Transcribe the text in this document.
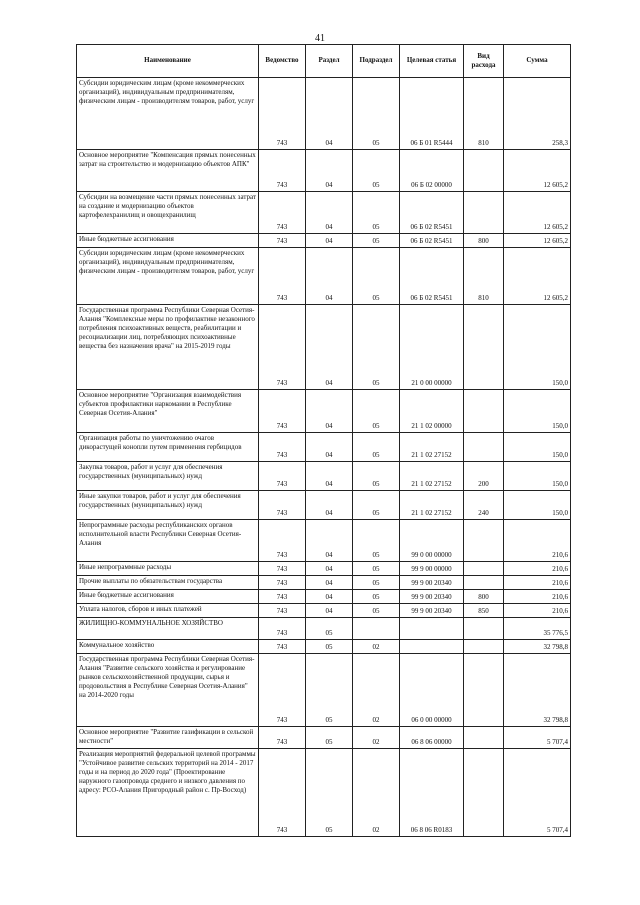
41
Наименование	Ведомство	Раздел	Подраздел	Целевая статья	Вид расхода	Сумма
Субсидии юридическим лицам (кроме некоммерческих организаций), индивидуальным предпринимателям, физическим лицам - производителям товаров, работ, услуг	743	04	05	06 Б 01 R5444	810	258,3
Основное мероприятие "Компенсация прямых понесенных затрат на строительство и модернизацию объектов АПК"	743	04	05	06 Б 02 00000		12 605,2
Субсидии на возмещение части прямых понесенных затрат на создание и модернизацию объектов картофелехранилищ и овощехранилищ	743	04	05	06 Б 02 R5451		12 605,2
Иные бюджетные ассигнования	743	04	05	06 Б 02 R5451	800	12 605,2
Субсидии юридическим лицам (кроме некоммерческих организаций), индивидуальным предпринимателям, физическим лицам - производителям товаров, работ, услуг	743	04	05	06 Б 02 R5451	810	12 605,2
Государственная программа Республики Северная Осетия-Алания "Комплексные меры по профилактике незаконного потребления психоактивных веществ, реабилитации и ресоциализации лиц, потребляющих психоактивные вещества без назначения врача" на 2015-2019 годы	743	04	05	21 0 00 00000		150,0
Основное мероприятие "Организация взаимодействия субъектов профилактики наркомании в Республике Северная Осетия-Алания"	743	04	05	21 1 02 00000		150,0
Организация работы по уничтожению очагов дикорастущей конопли путем применения гербицидов	743	04	05	21 1 02 27152		150,0
Закупка товаров, работ и услуг для обеспечения государственных (муниципальных) нужд	743	04	05	21 1 02 27152	200	150,0
Иные закупки товаров, работ и услуг для обеспечения государственных (муниципальных) нужд	743	04	05	21 1 02 27152	240	150,0
Непрограммные расходы республиканских органов исполнительной власти Республики Северная Осетия-Алания	743	04	05	99 0 00 00000		210,6
Иные непрограммные расходы	743	04	05	99 9 00 00000		210,6
Прочие выплаты по обязательствам государства	743	04	05	99 9 00 20340		210,6
Иные бюджетные ассигнования	743	04	05	99 9 00 20340	800	210,6
Уплата налогов, сборов и иных платежей	743	04	05	99 9 00 20340	850	210,6
ЖИЛИЩНО-КОММУНАЛЬНОЕ ХОЗЯЙСТВО	743	05				35 776,5
Коммунальное хозяйство	743	05	02			32 798,8
Государственная программа Республики Северная Осетия-Алания "Развитие сельского хозяйства и регулирование рынков сельскохозяйственной продукции, сырья и продовольствия в Республике Северная Осетия-Алания" на 2014-2020 годы	743	05	02	06 0 00 00000		32 798,8
Основное мероприятие "Развитие газификации в сельской местности"	743	05	02	06 8 06 00000		5 707,4
Реализация мероприятий федеральной целевой программы "Устойчивое развитие сельских территорий на 2014 - 2017 годы и на период до 2020 года" (Проектирование наружного газопровода среднего и низкого давления по адресу: РСО-Алания Пригородный район с. Пр-Восход)	743	05	02	06 8 06 R0183		5 707,4
